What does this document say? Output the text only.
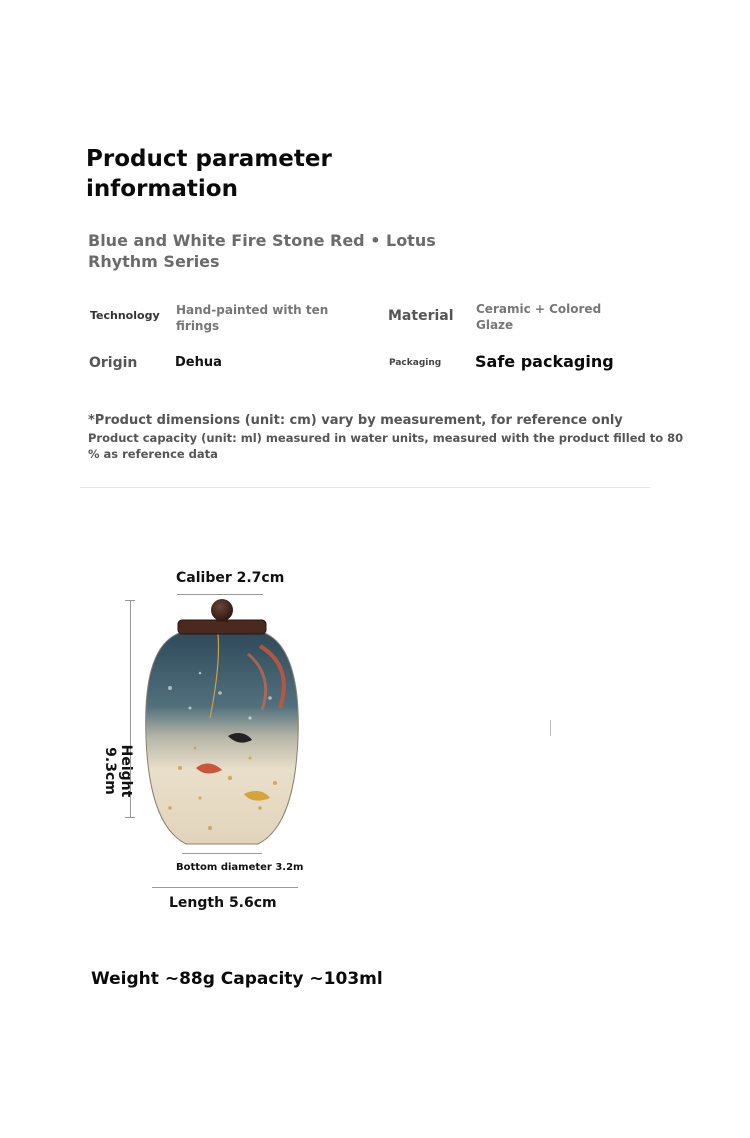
Product parameter information
Blue and White Fire Stone Red • Lotus Rhythm Series
Technology Hand-painted with ten firings
Material Ceramic + Colored Glaze
Origin	Dehua	Packaging Safe packaging
*Product dimensions (unit: cm) vary by measurement, for reference only
Product capacity (unit: ml) measured in water units, measured with the product filled to 80 % as reference data
Caliber 2.7cm
Height 9.3cm
Bottom diameter 3.2m
Length 5.6cm
Weight ~88g Capacity ~103ml
